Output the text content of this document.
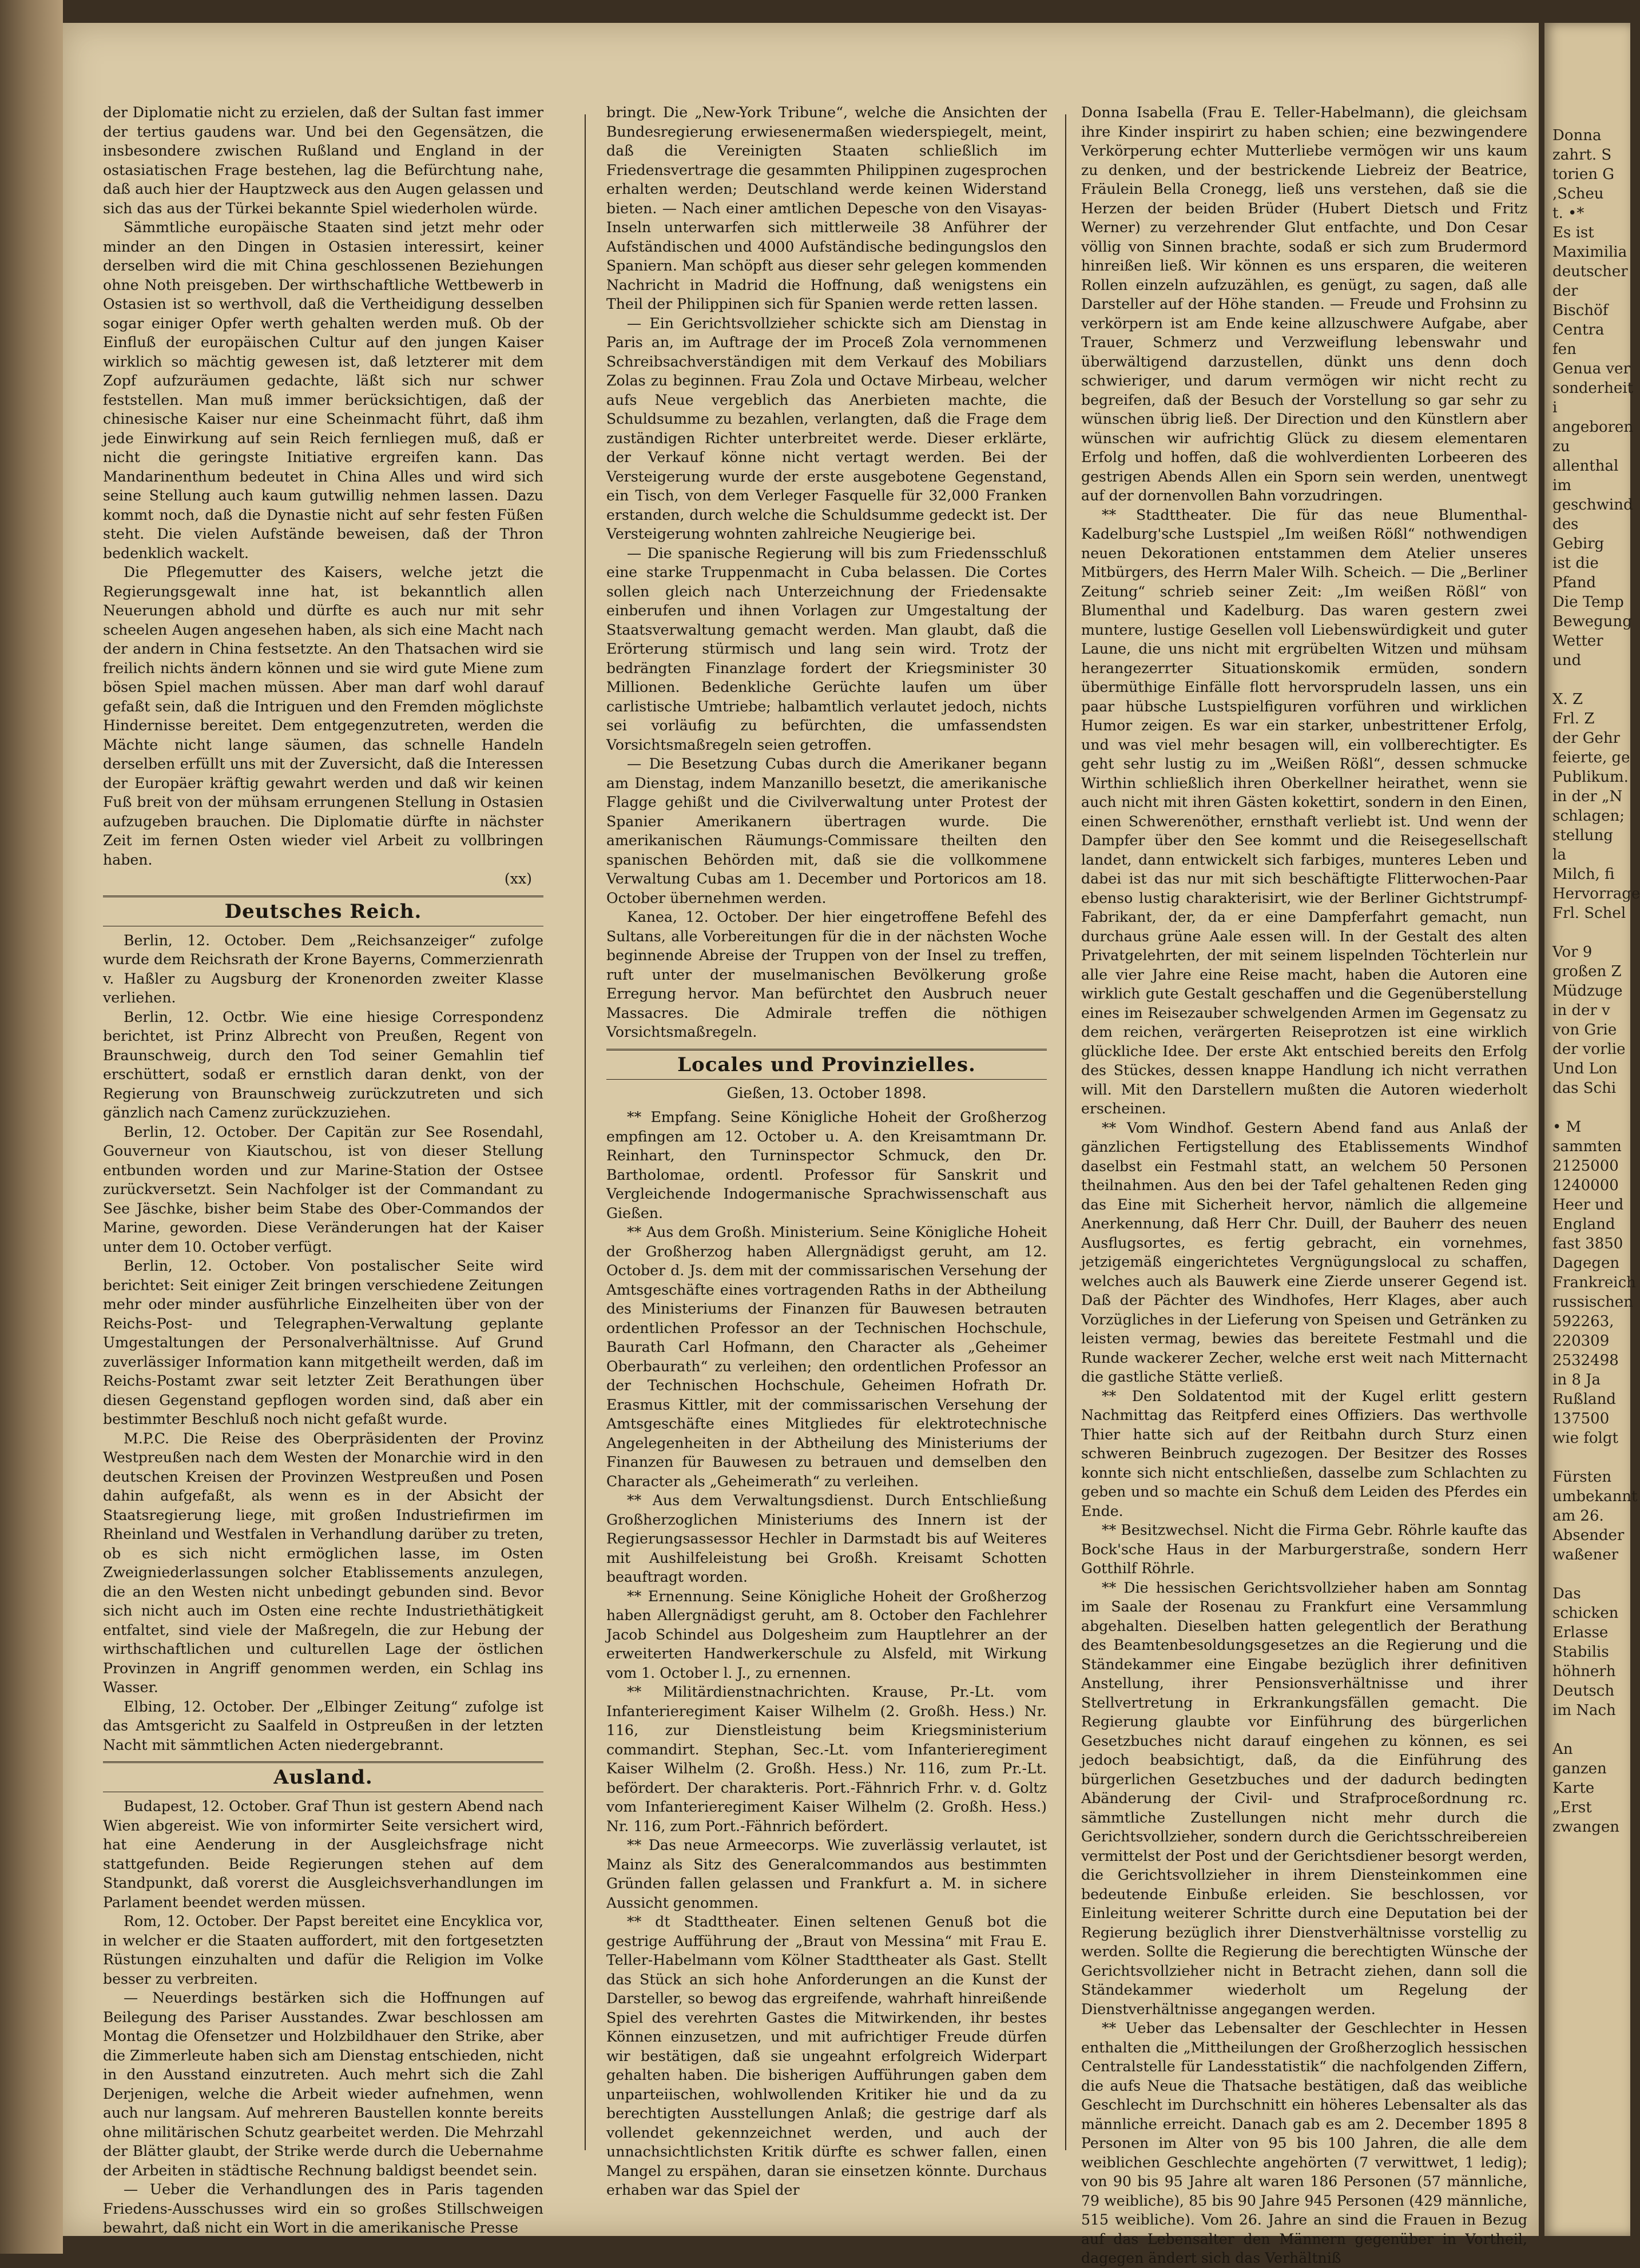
der Diplomatie nicht zu erzielen, daß der Sultan fast immer der tertius gaudens war. Und bei den Gegensätzen, die insbesondere zwischen Rußland und England in der ostasiatischen Frage bestehen, lag die Befürchtung nahe, daß auch hier der Hauptzweck aus den Augen gelassen und sich das aus der Türkei bekannte Spiel wiederholen würde.

Sämmtliche europäische Staaten sind jetzt mehr oder minder an den Dingen in Ostasien interessirt, keiner derselben wird die mit China geschlossenen Beziehungen ohne Noth preisgeben. Der wirthschaftliche Wettbewerb in Ostasien ist so werthvoll, daß die Vertheidigung desselben sogar einiger Opfer werth gehalten werden muß. Ob der Einfluß der europäischen Cultur auf den jungen Kaiser wirklich so mächtig gewesen ist, daß letzterer mit dem Zopf aufzuräumen gedachte, läßt sich nur schwer feststellen. Man muß immer berücksichtigen, daß der chinesische Kaiser nur eine Scheinmacht führt, daß ihm jede Einwirkung auf sein Reich fernliegen muß, daß er nicht die geringste Initiative ergreifen kann. Das Mandarinenthum bedeutet in China Alles und wird sich seine Stellung auch kaum gutwillig nehmen lassen. Dazu kommt noch, daß die Dynastie nicht auf sehr festen Füßen steht. Die vielen Aufstände beweisen, daß der Thron bedenklich wackelt.

Die Pflegemutter des Kaisers, welche jetzt die Regierungsgewalt inne hat, ist bekanntlich allen Neuerungen abhold und dürfte es auch nur mit sehr scheelen Augen angesehen haben, als sich eine Macht nach der andern in China festsetzte. An den Thatsachen wird sie freilich nichts ändern können und sie wird gute Miene zum bösen Spiel machen müssen. Aber man darf wohl darauf gefaßt sein, daß die Intriguen und den Fremden möglichste Hindernisse bereitet. Dem entgegenzutreten, werden die Mächte nicht lange säumen, das schnelle Handeln derselben erfüllt uns mit der Zuversicht, daß die Interessen der Europäer kräftig gewahrt werden und daß wir keinen Fuß breit von der mühsam errungenen Stellung in Ostasien aufzugeben brauchen. Die Diplomatie dürfte in nächster Zeit im fernen Osten wieder viel Arbeit zu vollbringen haben.

(xx)
Deutsches Reich.

Berlin, 12. October. Dem „Reichsanzeiger“ zufolge wurde dem Reichsrath der Krone Bayerns, Commerzienrath v. Haßler zu Augsburg der Kronenorden zweiter Klasse verliehen.

Berlin, 12. Octbr. Wie eine hiesige Correspondenz berichtet, ist Prinz Albrecht von Preußen, Regent von Braunschweig, durch den Tod seiner Gemahlin tief erschüttert, sodaß er ernstlich daran denkt, von der Regierung von Braunschweig zurückzutreten und sich gänzlich nach Camenz zurückzuziehen.

Berlin, 12. October. Der Capitän zur See Rosendahl, Gouverneur von Kiautschou, ist von dieser Stellung entbunden worden und zur Marine-Station der Ostsee zurückversetzt. Sein Nachfolger ist der Commandant zu See Jäschke, bisher beim Stabe des Ober-Commandos der Marine, geworden. Diese Veränderungen hat der Kaiser unter dem 10. October verfügt.

Berlin, 12. October. Von postalischer Seite wird berichtet: Seit einiger Zeit bringen verschiedene Zeitungen mehr oder minder ausführliche Einzelheiten über von der Reichs-Post- und Telegraphen-Verwaltung geplante Umgestaltungen der Personalverhältnisse. Auf Grund zuverlässiger Information kann mitgetheilt werden, daß im Reichs-Postamt zwar seit letzter Zeit Berathungen über diesen Gegenstand gepflogen worden sind, daß aber ein bestimmter Beschluß noch nicht gefaßt wurde.

M.P.C. Die Reise des Oberpräsidenten der Provinz Westpreußen nach dem Westen der Monarchie wird in den deutschen Kreisen der Provinzen Westpreußen und Posen dahin aufgefaßt, als wenn es in der Absicht der Staatsregierung liege, mit großen Industriefirmen im Rheinland und Westfalen in Verhandlung darüber zu treten, ob es sich nicht ermöglichen lasse, im Osten Zweigniederlassungen solcher Etablissements anzulegen, die an den Westen nicht unbedingt gebunden sind. Bevor sich nicht auch im Osten eine rechte Industriethätigkeit entfaltet, sind viele der Maßregeln, die zur Hebung der wirthschaftlichen und culturellen Lage der östlichen Provinzen in Angriff genommen werden, ein Schlag ins Wasser.

Elbing, 12. October. Der „Elbinger Zeitung“ zufolge ist das Amtsgericht zu Saalfeld in Ostpreußen in der letzten Nacht mit sämmtlichen Acten niedergebrannt.

Ausland.

Budapest, 12. October. Graf Thun ist gestern Abend nach Wien abgereist. Wie von informirter Seite versichert wird, hat eine Aenderung in der Ausgleichsfrage nicht stattgefunden. Beide Regierungen stehen auf dem Standpunkt, daß vorerst die Ausgleichsverhandlungen im Parlament beendet werden müssen.

Rom, 12. October. Der Papst bereitet eine Encyklica vor, in welcher er die Staaten auffordert, mit den fortgesetzten Rüstungen einzuhalten und dafür die Religion im Volke besser zu verbreiten.

— Neuerdings bestärken sich die Hoffnungen auf Beilegung des Pariser Ausstandes. Zwar beschlossen am Montag die Ofensetzer und Holzbildhauer den Strike, aber die Zimmerleute haben sich am Dienstag entschieden, nicht in den Ausstand einzutreten. Auch mehrt sich die Zahl Derjenigen, welche die Arbeit wieder aufnehmen, wenn auch nur langsam. Auf mehreren Baustellen konnte bereits ohne militärischen Schutz gearbeitet werden. Die Mehrzahl der Blätter glaubt, der Strike werde durch die Uebernahme der Arbeiten in städtische Rechnung baldigst beendet sein.

— Ueber die Verhandlungen des in Paris tagenden Friedens-Ausschusses wird ein so großes Stillschweigen bewahrt, daß nicht ein Wort in die amerikanische Presse

bringt. Die „New-York Tribune“, welche die Ansichten der Bundesregierung erwiesenermaßen wiederspiegelt, meint, daß die Vereinigten Staaten schließlich im Friedensvertrage die gesammten Philippinen zugesprochen erhalten werden; Deutschland werde keinen Widerstand bieten. — Nach einer amtlichen Depesche von den Visayas-Inseln unterwarfen sich mittlerweile 38 Anführer der Aufständischen und 4000 Aufständische bedingungslos den Spaniern. Man schöpft aus dieser sehr gelegen kommenden Nachricht in Madrid die Hoffnung, daß wenigstens ein Theil der Philippinen sich für Spanien werde retten lassen.

— Ein Gerichtsvollzieher schickte sich am Dienstag in Paris an, im Auftrage der im Proceß Zola vernommenen Schreibsachverständigen mit dem Verkauf des Mobiliars Zolas zu beginnen. Frau Zola und Octave Mirbeau, welcher aufs Neue vergeblich das Anerbieten machte, die Schuldsumme zu bezahlen, verlangten, daß die Frage dem zuständigen Richter unterbreitet werde. Dieser erklärte, der Verkauf könne nicht vertagt werden. Bei der Versteigerung wurde der erste ausgebotene Gegenstand, ein Tisch, von dem Verleger Fasquelle für 32,000 Franken erstanden, durch welche die Schuldsumme gedeckt ist. Der Versteigerung wohnten zahlreiche Neugierige bei.

— Die spanische Regierung will bis zum Friedensschluß eine starke Truppenmacht in Cuba belassen. Die Cortes sollen gleich nach Unterzeichnung der Friedensakte einberufen und ihnen Vorlagen zur Umgestaltung der Staatsverwaltung gemacht werden. Man glaubt, daß die Erörterung stürmisch und lang sein wird. Trotz der bedrängten Finanzlage fordert der Kriegsminister 30 Millionen. Bedenkliche Gerüchte laufen um über carlistische Umtriebe; halbamtlich verlautet jedoch, nichts sei vorläufig zu befürchten, die umfassendsten Vorsichtsmaßregeln seien getroffen.

— Die Besetzung Cubas durch die Amerikaner begann am Dienstag, indem Manzanillo besetzt, die amerikanische Flagge gehißt und die Civilverwaltung unter Protest der Spanier Amerikanern übertragen wurde. Die amerikanischen Räumungs-Commissare theilten den spanischen Behörden mit, daß sie die vollkommene Verwaltung Cubas am 1. December und Portoricos am 18. October übernehmen werden.

Kanea, 12. October. Der hier eingetroffene Befehl des Sultans, alle Vorbereitungen für die in der nächsten Woche beginnende Abreise der Truppen von der Insel zu treffen, ruft unter der muselmanischen Bevölkerung große Erregung hervor. Man befürchtet den Ausbruch neuer Massacres. Die Admirale treffen die nöthigen Vorsichtsmaßregeln.

Locales und Provinzielles.
Gießen, 13. October 1898.

** Empfang. Seine Königliche Hoheit der Großherzog empfingen am 12. October u. A. den Kreisamtmann Dr. Reinhart, den Turninspector Schmuck, den Dr. Bartholomae, ordentl. Professor für Sanskrit und Vergleichende Indogermanische Sprachwissenschaft aus Gießen.

** Aus dem Großh. Ministerium. Seine Königliche Hoheit der Großherzog haben Allergnädigst geruht, am 12. October d. Js. dem mit der commissarischen Versehung der Amtsgeschäfte eines vortragenden Raths in der Abtheilung des Ministeriums der Finanzen für Bauwesen betrauten ordentlichen Professor an der Technischen Hochschule, Baurath Carl Hofmann, den Character als „Geheimer Oberbaurath“ zu verleihen; den ordentlichen Professor an der Technischen Hochschule, Geheimen Hofrath Dr. Erasmus Kittler, mit der commissarischen Versehung der Amtsgeschäfte eines Mitgliedes für elektrotechnische Angelegenheiten in der Abtheilung des Ministeriums der Finanzen für Bauwesen zu betrauen und demselben den Character als „Geheimerath“ zu verleihen.

** Aus dem Verwaltungsdienst. Durch Entschließung Großherzoglichen Ministeriums des Innern ist der Regierungsassessor Hechler in Darmstadt bis auf Weiteres mit Aushilfeleistung bei Großh. Kreisamt Schotten beauftragt worden.

** Ernennung. Seine Königliche Hoheit der Großherzog haben Allergnädigst geruht, am 8. October den Fachlehrer Jacob Schindel aus Dolgesheim zum Hauptlehrer an der erweiterten Handwerkerschule zu Alsfeld, mit Wirkung vom 1. October l. J., zu ernennen.

** Militärdienstnachrichten. Krause, Pr.-Lt. vom Infanterieregiment Kaiser Wilhelm (2. Großh. Hess.) Nr. 116, zur Dienstleistung beim Kriegsministerium commandirt. Stephan, Sec.-Lt. vom Infanterieregiment Kaiser Wilhelm (2. Großh. Hess.) Nr. 116, zum Pr.-Lt. befördert. Der charakteris. Port.-Fähnrich Frhr. v. d. Goltz vom Infanterieregiment Kaiser Wilhelm (2. Großh. Hess.) Nr. 116, zum Port.-Fähnrich befördert.

** Das neue Armeecorps. Wie zuverlässig verlautet, ist Mainz als Sitz des Generalcommandos aus bestimmten Gründen fallen gelassen und Frankfurt a. M. in sichere Aussicht genommen.

** dt Stadttheater. Einen seltenen Genuß bot die gestrige Aufführung der „Braut von Messina“ mit Frau E. Teller-Habelmann vom Kölner Stadttheater als Gast. Stellt das Stück an sich hohe Anforderungen an die Kunst der Darsteller, so bewog das ergreifende, wahrhaft hinreißende Spiel des verehrten Gastes die Mitwirkenden, ihr bestes Können einzusetzen, und mit aufrichtiger Freude dürfen wir bestätigen, daß sie ungeahnt erfolgreich Widerpart gehalten haben. Die bisherigen Aufführungen gaben dem unparteiischen, wohlwollenden Kritiker hie und da zu berechtigten Ausstellungen Anlaß; die gestrige darf als vollendet gekennzeichnet werden, und auch der unnachsichtlichsten Kritik dürfte es schwer fallen, einen Mangel zu erspähen, daran sie einsetzen könnte. Durchaus erhaben war das Spiel der

Donna Isabella (Frau E. Teller-Habelmann), die gleichsam ihre Kinder inspirirt zu haben schien; eine bezwingendere Verkörperung echter Mutterliebe vermögen wir uns kaum zu denken, und der bestrickende Liebreiz der Beatrice, Fräulein Bella Cronegg, ließ uns verstehen, daß sie die Herzen der beiden Brüder (Hubert Dietsch und Fritz Werner) zu verzehrender Glut entfachte, und Don Cesar völlig von Sinnen brachte, sodaß er sich zum Brudermord hinreißen ließ. Wir können es uns ersparen, die weiteren Rollen einzeln aufzuzählen, es genügt, zu sagen, daß alle Darsteller auf der Höhe standen. — Freude und Frohsinn zu verkörpern ist am Ende keine allzuschwere Aufgabe, aber Trauer, Schmerz und Verzweiflung lebenswahr und überwältigend darzustellen, dünkt uns denn doch schwieriger, und darum vermögen wir nicht recht zu begreifen, daß der Besuch der Vorstellung so gar sehr zu wünschen übrig ließ. Der Direction und den Künstlern aber wünschen wir aufrichtig Glück zu diesem elementaren Erfolg und hoffen, daß die wohlverdienten Lorbeeren des gestrigen Abends Allen ein Sporn sein werden, unentwegt auf der dornenvollen Bahn vorzudringen.

** Stadttheater. Die für das neue Blumenthal-Kadelburg'sche Lustspiel „Im weißen Rößl“ nothwendigen neuen Dekorationen entstammen dem Atelier unseres Mitbürgers, des Herrn Maler Wilh. Scheich. — Die „Berliner Zeitung“ schrieb seiner Zeit: „Im weißen Rößl“ von Blumenthal und Kadelburg. Das waren gestern zwei muntere, lustige Gesellen voll Liebenswürdigkeit und guter Laune, die uns nicht mit ergrübelten Witzen und mühsam herangezerrter Situationskomik ermüden, sondern übermüthige Einfälle flott hervorsprudeln lassen, uns ein paar hübsche Lustspielfiguren vorführen und wirklichen Humor zeigen. Es war ein starker, unbestrittener Erfolg, und was viel mehr besagen will, ein vollberechtigter. Es geht sehr lustig zu im „Weißen Rößl“, dessen schmucke Wirthin schließlich ihren Oberkellner heirathet, wenn sie auch nicht mit ihren Gästen kokettirt, sondern in den Einen, einen Schwerenöther, ernsthaft verliebt ist. Und wenn der Dampfer über den See kommt und die Reisegesellschaft landet, dann entwickelt sich farbiges, munteres Leben und dabei ist das nur mit sich beschäftigte Flitterwochen-Paar ebenso lustig charakterisirt, wie der Berliner Gichtstrumpf-Fabrikant, der, da er eine Dampferfahrt gemacht, nun durchaus grüne Aale essen will. In der Gestalt des alten Privatgelehrten, der mit seinem lispelnden Töchterlein nur alle vier Jahre eine Reise macht, haben die Autoren eine wirklich gute Gestalt geschaffen und die Gegenüberstellung eines im Reisezauber schwelgenden Armen im Gegensatz zu dem reichen, verärgerten Reiseprotzen ist eine wirklich glückliche Idee. Der erste Akt entschied bereits den Erfolg des Stückes, dessen knappe Handlung ich nicht verrathen will. Mit den Darstellern mußten die Autoren wiederholt erscheinen.

** Vom Windhof. Gestern Abend fand aus Anlaß der gänzlichen Fertigstellung des Etablissements Windhof daselbst ein Festmahl statt, an welchem 50 Personen theilnahmen. Aus den bei der Tafel gehaltenen Reden ging das Eine mit Sicherheit hervor, nämlich die allgemeine Anerkennung, daß Herr Chr. Duill, der Bauherr des neuen Ausflugsortes, es fertig gebracht, ein vornehmes, jetzigemäß eingerichtetes Vergnügungslocal zu schaffen, welches auch als Bauwerk eine Zierde unserer Gegend ist. Daß der Pächter des Windhofes, Herr Klages, aber auch Vorzügliches in der Lieferung von Speisen und Getränken zu leisten vermag, bewies das bereitete Festmahl und die Runde wackerer Zecher, welche erst weit nach Mitternacht die gastliche Stätte verließ.

** Den Soldatentod mit der Kugel erlitt gestern Nachmittag das Reitpferd eines Offiziers. Das werthvolle Thier hatte sich auf der Reitbahn durch Sturz einen schweren Beinbruch zugezogen. Der Besitzer des Rosses konnte sich nicht entschließen, dasselbe zum Schlachten zu geben und so machte ein Schuß dem Leiden des Pferdes ein Ende.

** Besitzwechsel. Nicht die Firma Gebr. Röhrle kaufte das Bock'sche Haus in der Marburgerstraße, sondern Herr Gotthilf Röhrle.

** Die hessischen Gerichtsvollzieher haben am Sonntag im Saale der Rosenau zu Frankfurt eine Versammlung abgehalten. Dieselben hatten gelegentlich der Berathung des Beamtenbesoldungsgesetzes an die Regierung und die Ständekammer eine Eingabe bezüglich ihrer definitiven Anstellung, ihrer Pensionsverhältnisse und ihrer Stellvertretung in Erkrankungsfällen gemacht. Die Regierung glaubte vor Einführung des bürgerlichen Gesetzbuches nicht darauf eingehen zu können, es sei jedoch beabsichtigt, daß, da die Einführung des bürgerlichen Gesetzbuches und der dadurch bedingten Abänderung der Civil- und Strafproceßordnung rc. sämmtliche Zustellungen nicht mehr durch die Gerichtsvollzieher, sondern durch die Gerichtsschreibereien vermittelst der Post und der Gerichtsdiener besorgt werden, die Gerichtsvollzieher in ihrem Diensteinkommen eine bedeutende Einbuße erleiden. Sie beschlossen, vor Einleitung weiterer Schritte durch eine Deputation bei der Regierung bezüglich ihrer Dienstverhältnisse vorstellig zu werden. Sollte die Regierung die berechtigten Wünsche der Gerichtsvollzieher nicht in Betracht ziehen, dann soll die Ständekammer wiederholt um Regelung der Dienstverhältnisse angegangen werden.

** Ueber das Lebensalter der Geschlechter in Hessen enthalten die „Mittheilungen der Großherzoglich hessischen Centralstelle für Landesstatistik“ die nachfolgenden Ziffern, die aufs Neue die Thatsache bestätigen, daß das weibliche Geschlecht im Durchschnitt ein höheres Lebensalter als das männliche erreicht. Danach gab es am 2. December 1895 8 Personen im Alter von 95 bis 100 Jahren, die alle dem weiblichen Geschlechte angehörten (7 verwittwet, 1 ledig); von 90 bis 95 Jahre alt waren 186 Personen (57 männliche, 79 weibliche), 85 bis 90 Jahre 945 Personen (429 männliche, 515 weibliche). Vom 26. Jahre an sind die Frauen in Bezug auf das Lebensalter den Männern gegenüber in Vortheil, dagegen ändert sich das Verhältniß

Donna
zahrt. S
torien G
,Scheu
t. •*
Es ist
Maximilia
deutscher
der Bischöf
Centra fen
Genua ver
sonderheit i
angeboren
zu allenthal
im geschwind
des Gebirg
ist die Pfand
Die Temp
Bewegung
Wetter und

X. Z
Frl. Z
der Gehr
feierte, ge
Publikum.
in der „N
schlagen;
stellung la
Milch, fi
Hervorrage
Frl. Schel

Vor 9
großen Z
Müdzuge
in der v
von Grie
der vorlie
Und Lon
das Schi

• M
sammten
2125000
1240000
Heer und
England
fast 3850
Dagegen
Frankreich
russischen
592263,
220309
2532498
in 8 Ja
Rußland
137500
wie folgt

Fürsten
umbekannt
am 26.
Absender
waßener

Das
schicken
Erlasse
Stabilis
höhnerh
Deutsch
im Nach

An
ganzen
Karte
„Erst
zwangen
